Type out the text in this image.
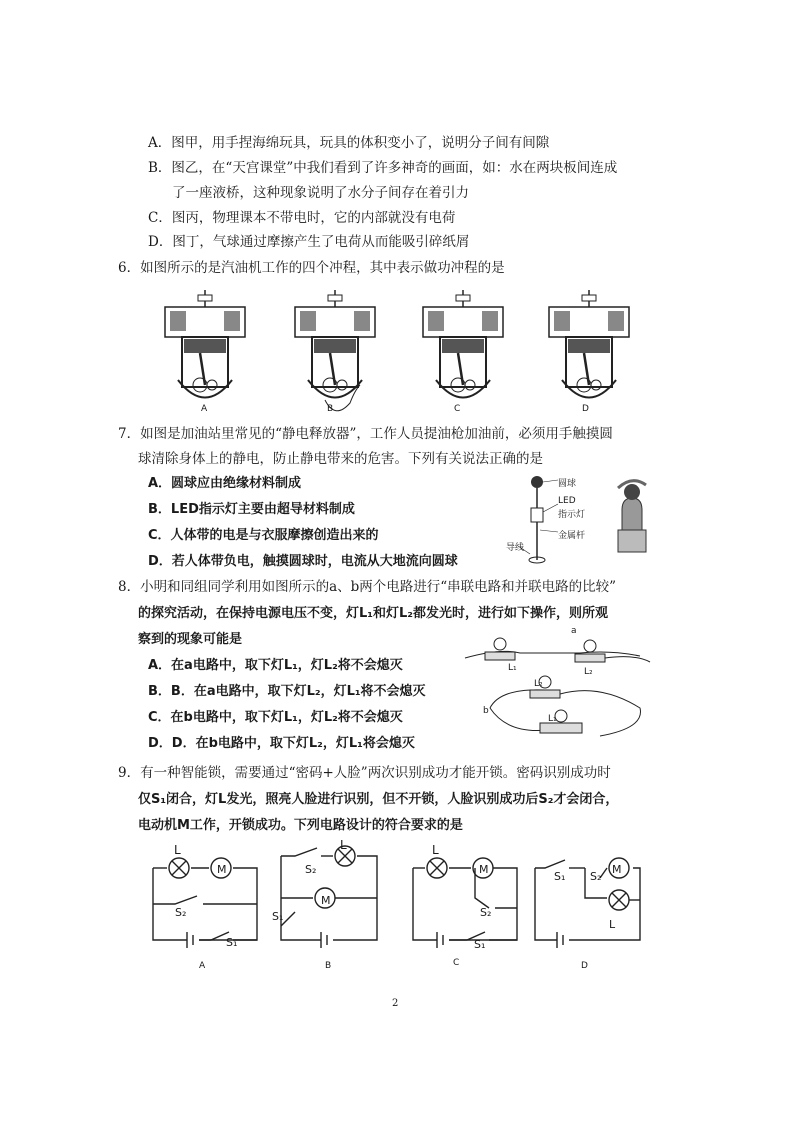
A．图甲，用手捏海绵玩具，玩具的体积变小了，说明分子间有间隙
B．图乙，在“天宫课堂”中我们看到了许多神奇的画面，如：水在两块板间连成
了一座液桥，这种现象说明了水分子间存在着引力
C．图丙，物理课本不带电时，它的内部就没有电荷
D．图丁，气球通过摩擦产生了电荷从而能吸引碎纸屑
6．如图所示的是汽油机工作的四个冲程，其中表示做功冲程的是
A	B	C	D
7．如图是加油站里常见的“静电释放器”，工作人员提油枪加油前，必须用手触摸圆
球清除身体上的静电，防止静电带来的危害。下列有关说法正确的是
A．圆球应由绝缘材料制成
B．LED指示灯主要由超导材料制成
C．人体带的电是与衣服摩擦创造出来的
D．若人体带负电，触摸圆球时，电流从大地流向圆球
圆球
LED
指示灯
金属杆
导线
8．小明和同组同学利用如图所示的a、b两个电路进行“串联电路和并联电路的比较”
的探究活动，在保持电源电压不变，灯L₁和灯L₂都发光时，进行如下操作，则所观
察到的现象可能是
A．在a电路中，取下灯L₁，灯L₂将不会熄灭
B．B．在a电路中，取下灯L₂，灯L₁将不会熄灭
C．在b电路中，取下灯L₁，灯L₂将不会熄灭
D．D．在b电路中，取下灯L₂，灯L₁将会熄灭
a
L₁	L₂
L₂
b
L₁
9．有一种智能锁，需要通过“密码+人脸”两次识别成功才能开锁。密码识别成功时
仅S₁闭合，灯L发光，照亮人脸进行识别，但不开锁，人脸识别成功后S₂才会闭合，
电动机M工作，开锁成功。下列电路设计的符合要求的是
L
M
S₂
S₁
L
S₂
M
S₁
L
M
S₂
S₁
S₁ S₂
M
L
A	B	C	D
2
